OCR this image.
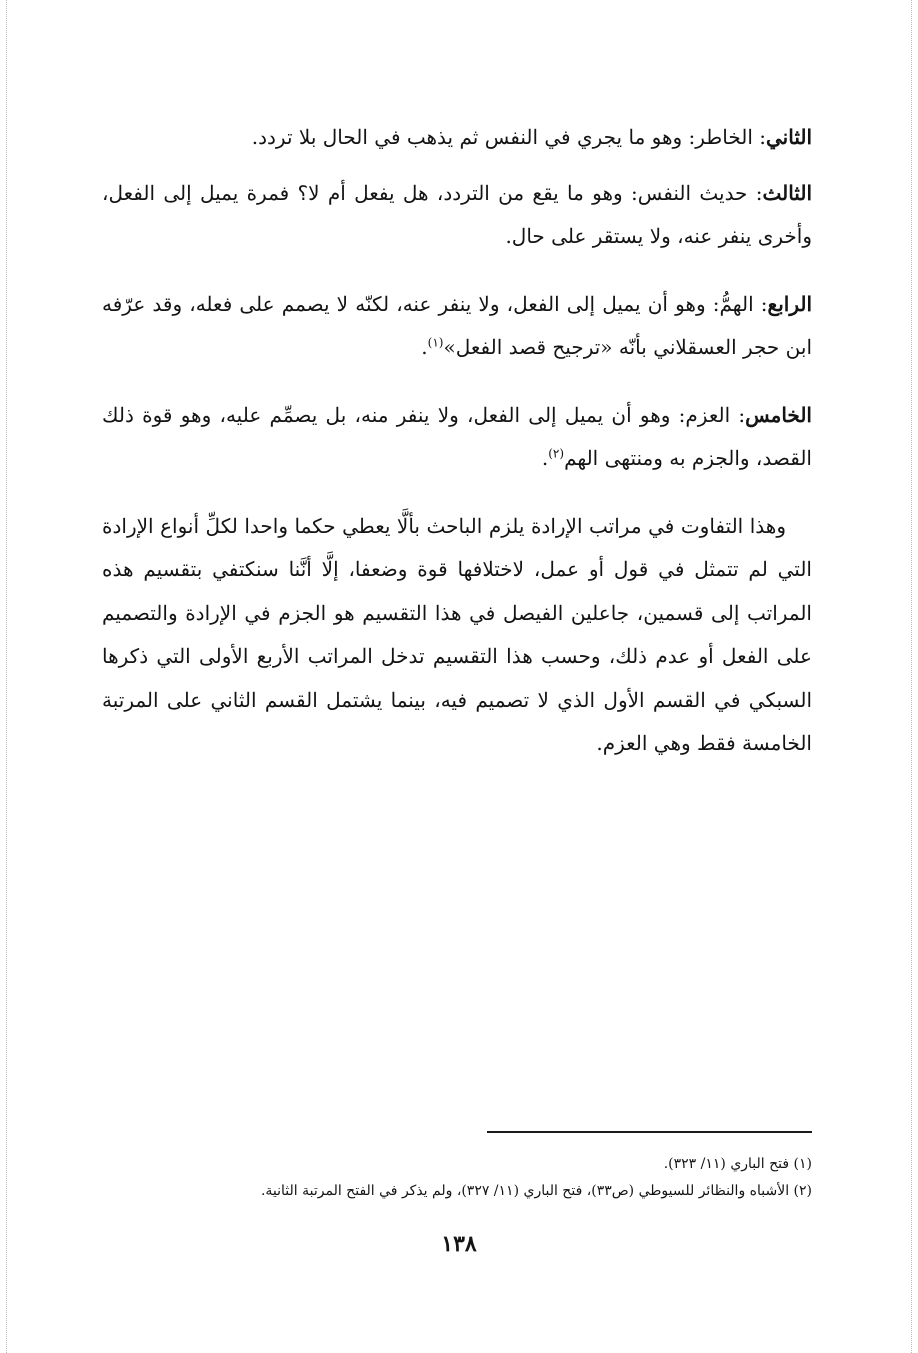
الثاني: الخاطر: وهو ما يجري في النفس ثم يذهب في الحال بلا تردد.

الثالث: حديث النفس: وهو ما يقع من التردد، هل يفعل أم لا؟ فمرة يميل إلى الفعل، وأخرى ينفر عنه، ولا يستقر على حال.

الرابع: الهمُّ: وهو أن يميل إلى الفعل، ولا ينفر عنه، لكنّه لا يصمم على فعله، وقد عرّفه ابن حجر العسقلاني بأنّه «ترجيح قصد الفعل»$^{(١)}$.

الخامس: العزم: وهو أن يميل إلى الفعل، ولا ينفر منه، بل يصمِّم عليه، وهو قوة ذلك القصد، والجزم به ومنتهى الهم$^{(٢)}$.

وهذا التفاوت في مراتب الإرادة يلزم الباحث بألَّا يعطي حكما واحدا لكلِّ أنواع الإرادة التي لم تتمثل في قول أو عمل، لاختلافها قوة وضعفا، إلَّا أنَّنا سنكتفي بتقسيم هذه المراتب إلى قسمين، جاعلين الفيصل في هذا التقسيم هو الجزم في الإرادة والتصميم على الفعل أو عدم ذلك، وحسب هذا التقسيم تدخل المراتب الأربع الأولى التي ذكرها السبكي في القسم الأول الذي لا تصميم فيه، بينما يشتمل القسم الثاني على المرتبة الخامسة فقط وهي العزم.

(١) فتح الباري (١١/ ٣٢٣).
(٢) الأشباه والنظائر للسيوطي (ص٣٣)، فتح الباري (١١/ ٣٢٧)، ولم يذكر في الفتح المرتبة الثانية.
١٣٨
